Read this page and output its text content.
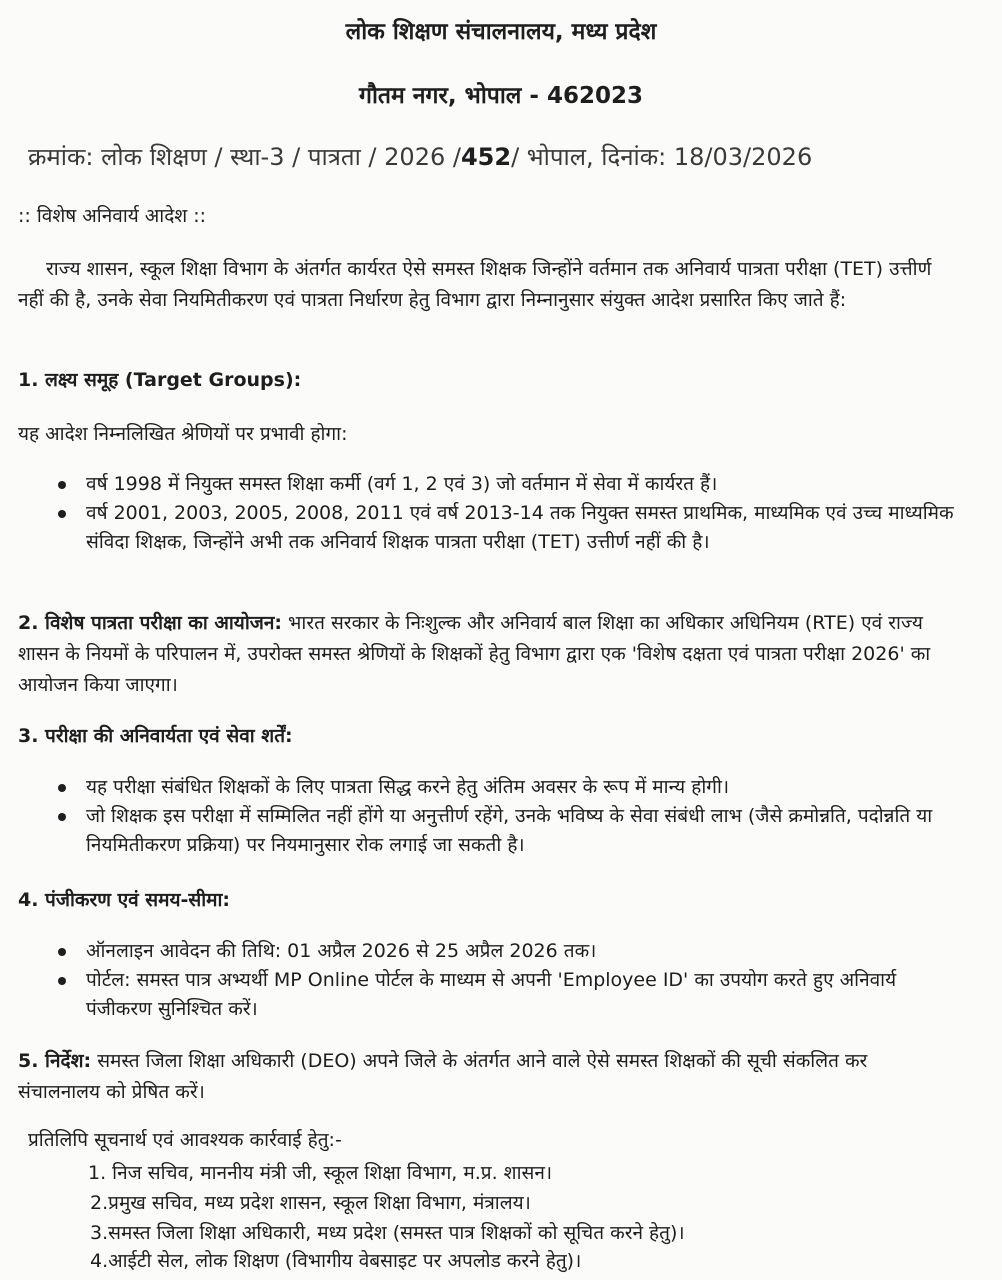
लोक शिक्षण संचालनालय, मध्य प्रदेश
गौतम नगर, भोपाल - 462023
क्रमांक: लोक शिक्षण / स्था-3 / पात्रता / 2026 /452/ भोपाल, दिनांक: 18/03/2026
:: विशेष अनिवार्य आदेश ::
राज्य शासन, स्कूल शिक्षा विभाग के अंतर्गत कार्यरत ऐसे समस्त शिक्षक जिन्होंने वर्तमान तक अनिवार्य पात्रता परीक्षा (TET) उत्तीर्ण नहीं की है, उनके सेवा नियमितीकरण एवं पात्रता निर्धारण हेतु विभाग द्वारा निम्नानुसार संयुक्त आदेश प्रसारित किए जाते हैं:
1. लक्ष्य समूह (Target Groups):
यह आदेश निम्नलिखित श्रेणियों पर प्रभावी होगा:
वर्ष 1998 में नियुक्त समस्त शिक्षा कर्मी (वर्ग 1, 2 एवं 3) जो वर्तमान में सेवा में कार्यरत हैं।
वर्ष 2001, 2003, 2005, 2008, 2011 एवं वर्ष 2013-14 तक नियुक्त समस्त प्राथमिक, माध्यमिक एवं उच्च माध्यमिक संविदा शिक्षक, जिन्होंने अभी तक अनिवार्य शिक्षक पात्रता परीक्षा (TET) उत्तीर्ण नहीं की है।
2. विशेष पात्रता परीक्षा का आयोजन: भारत सरकार के निःशुल्क और अनिवार्य बाल शिक्षा का अधिकार अधिनियम (RTE) एवं राज्य शासन के नियमों के परिपालन में, उपरोक्त समस्त श्रेणियों के शिक्षकों हेतु विभाग द्वारा एक 'विशेष दक्षता एवं पात्रता परीक्षा 2026' का आयोजन किया जाएगा।
3. परीक्षा की अनिवार्यता एवं सेवा शर्तें:
यह परीक्षा संबंधित शिक्षकों के लिए पात्रता सिद्ध करने हेतु अंतिम अवसर के रूप में मान्य होगी।
जो शिक्षक इस परीक्षा में सम्मिलित नहीं होंगे या अनुत्तीर्ण रहेंगे, उनके भविष्य के सेवा संबंधी लाभ (जैसे क्रमोन्नति, पदोन्नति या नियमितीकरण प्रक्रिया) पर नियमानुसार रोक लगाई जा सकती है।
4. पंजीकरण एवं समय-सीमा:
ऑनलाइन आवेदन की तिथि: 01 अप्रैल 2026 से 25 अप्रैल 2026 तक।
पोर्टल: समस्त पात्र अभ्यर्थी MP Online पोर्टल के माध्यम से अपनी 'Employee ID' का उपयोग करते हुए अनिवार्य पंजीकरण सुनिश्चित करें।
5. निर्देश: समस्त जिला शिक्षा अधिकारी (DEO) अपने जिले के अंतर्गत आने वाले ऐसे समस्त शिक्षकों की सूची संकलित कर संचालनालय को प्रेषित करें।
प्रतिलिपि सूचनार्थ एवं आवश्यक कार्रवाई हेतु:-
1. निज सचिव, माननीय मंत्री जी, स्कूल शिक्षा विभाग, म.प्र. शासन।
2.प्रमुख सचिव, मध्य प्रदेश शासन, स्कूल शिक्षा विभाग, मंत्रालय।
3.समस्त जिला शिक्षा अधिकारी, मध्य प्रदेश (समस्त पात्र शिक्षकों को सूचित करने हेतु)।
4.आईटी सेल, लोक शिक्षण (विभागीय वेबसाइट पर अपलोड करने हेतु)।
